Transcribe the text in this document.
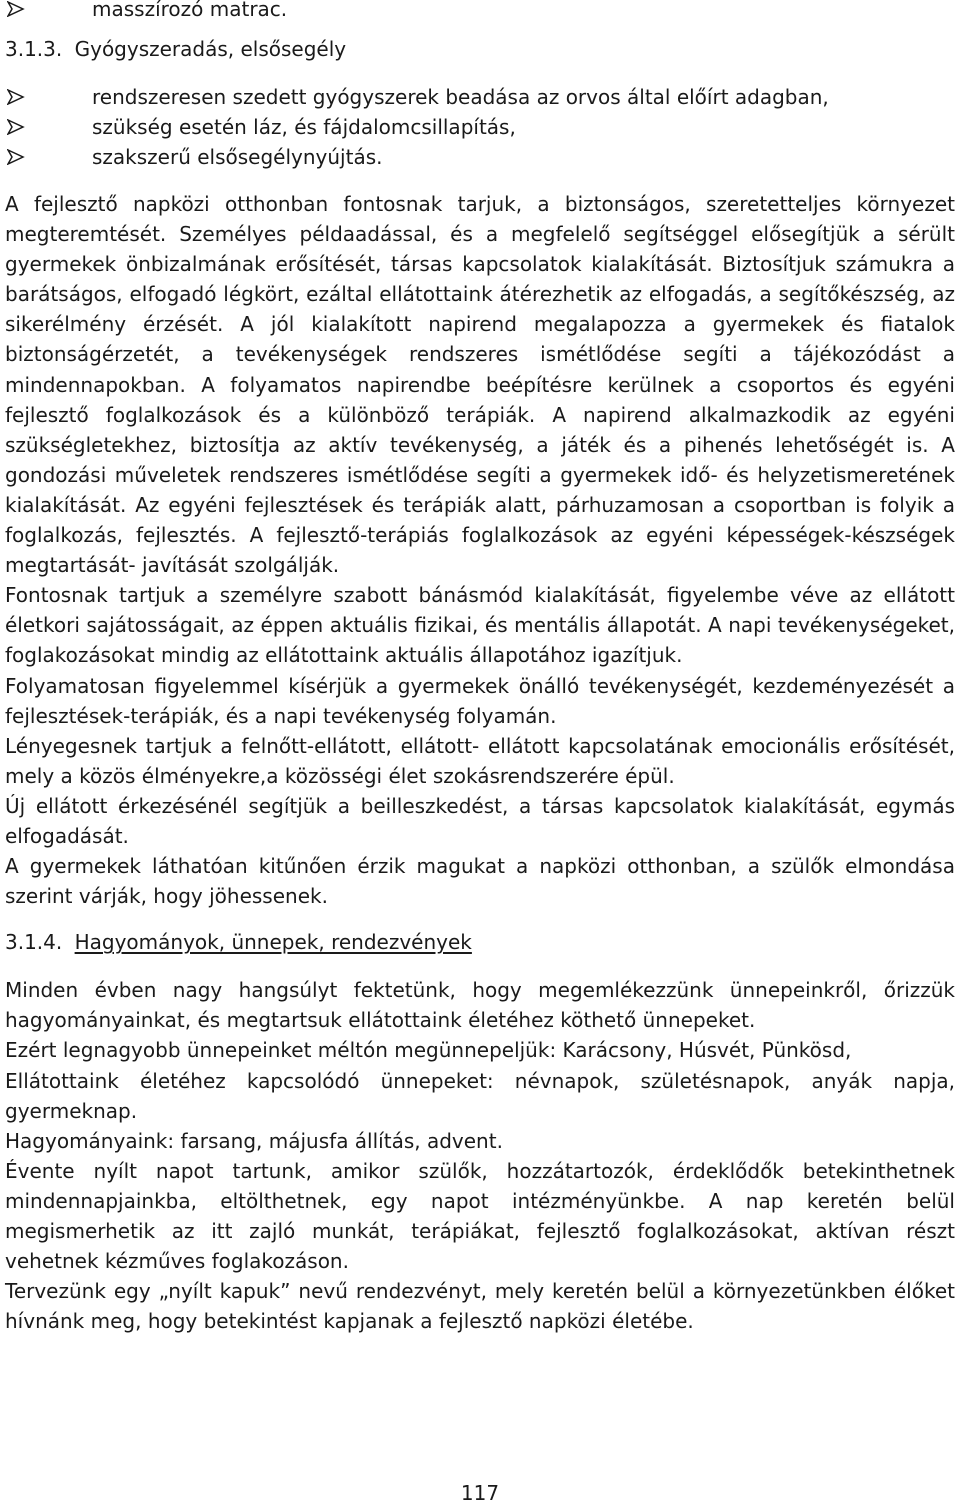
masszírozó matrac.
3.1.3. Gyógyszeradás, elsősegély
rendszeresen szedett gyógyszerek beadása az orvos által előírt adagban,
szükség esetén láz, és fájdalomcsillapítás,
szakszerű elsősegélynyújtás.

A fejlesztő napközi otthonban fontosnak tarjuk, a biztonságos, szeretetteljes környezet megteremtését. Személyes példaadással, és a megfelelő segítséggel elősegítjük a sérült gyermekek önbizalmának erősítését, társas kapcsolatok kialakítását. Biztosítjuk számukra a barátságos, elfogadó légkört, ezáltal ellátottaink átérezhetik az elfogadás, a segítőkészség, az sikerélmény érzését. A jól kialakított napirend megalapozza a gyermekek és fiatalok biztonságérzetét, a tevékenységek rendszeres ismétlődése segíti a tájékozódást a mindennapokban. A folyamatos napirendbe beépítésre kerülnek a csoportos és egyéni fejlesztő foglalkozások és a különböző terápiák. A napirend alkalmazkodik az egyéni szükségletekhez, biztosítja az aktív tevékenység, a játék és a pihenés lehetőségét is. A gondozási műveletek rendszeres ismétlődése segíti a gyermekek idő- és helyzetismeretének kialakítását. Az egyéni fejlesztések és terápiák alatt, párhuzamosan a csoportban is folyik a foglalkozás, fejlesztés. A fejlesztő-terápiás foglalkozások az egyéni képességek-készségek megtartását- javítását szolgálják.

Fontosnak tartjuk a személyre szabott bánásmód kialakítását, figyelembe véve az ellátott életkori sajátosságait, az éppen aktuális fizikai, és mentális állapotát. A napi tevékenységeket, foglakozásokat mindig az ellátottaink aktuális állapotához igazítjuk.

Folyamatosan figyelemmel kísérjük a gyermekek önálló tevékenységét, kezdeményezését a fejlesztések-terápiák, és a napi tevékenység folyamán.

Lényegesnek tartjuk a felnőtt-ellátott, ellátott- ellátott kapcsolatának emocionális erősítését, mely a közös élményekre,a közösségi élet szokásrendszerére épül.

Új ellátott érkezésénél segítjük a beilleszkedést, a társas kapcsolatok kialakítását, egymás elfogadását.

A gyermekek láthatóan kitűnően érzik magukat a napközi otthonban, a szülők elmondása szerint várják, hogy jöhessenek.

3.1.4. Hagyományok, ünnepek, rendezvények

Minden évben nagy hangsúlyt fektetünk, hogy megemlékezzünk ünnepeinkről, őrizzük hagyományainkat, és megtartsuk ellátottaink életéhez köthető ünnepeket.

Ezért legnagyobb ünnepeinket méltón megünnepeljük: Karácsony, Húsvét, Pünkösd,

Ellátottaink életéhez kapcsolódó ünnepeket: névnapok, születésnapok, anyák napja, gyermeknap.

Hagyományaink: farsang, májusfa állítás, advent.

Évente nyílt napot tartunk, amikor szülők, hozzátartozók, érdeklődők betekinthetnek mindennapjainkba, eltölthetnek, egy napot intézményünkbe. A nap keretén belül megismerhetik az itt zajló munkát, terápiákat, fejlesztő foglalkozásokat, aktívan részt vehetnek kézműves foglakozáson.

Tervezünk egy „nyílt kapuk” nevű rendezvényt, mely keretén belül a környezetünkben élőket hívnánk meg, hogy betekintést kapjanak a fejlesztő napközi életébe.

117
